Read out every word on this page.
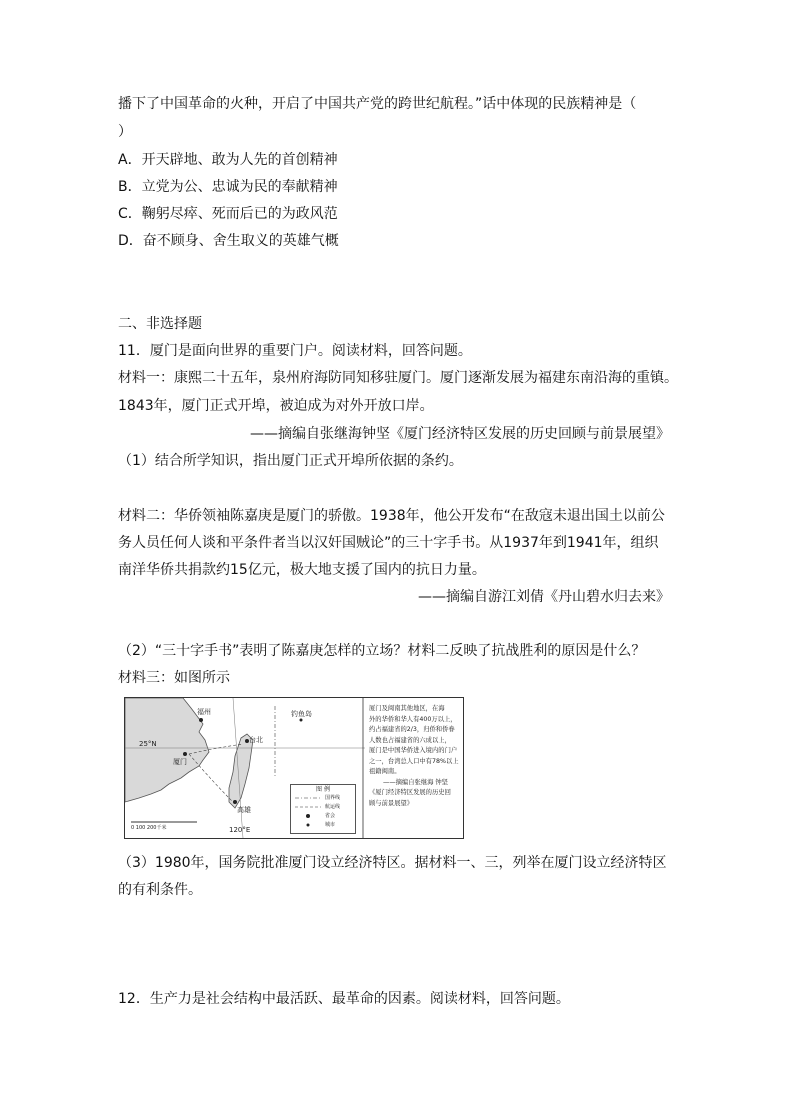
播下了中国革命的火种，开启了中国共产党的跨世纪航程。”话中体现的民族精神是（
）
A．开天辟地、敢为人先的首创精神
B．立党为公、忠诚为民的奉献精神
C．鞠躬尽瘁、死而后已的为政风范
D．奋不顾身、舍生取义的英雄气概
二、非选择题
11．厦门是面向世界的重要门户。阅读材料，回答问题。
材料一：康熙二十五年，泉州府海防同知移驻厦门。厦门逐渐发展为福建东南沿海的重镇。
1843年，厦门正式开埠，被迫成为对外开放口岸。
——摘编自张继海钟坚《厦门经济特区发展的历史回顾与前景展望》
（1）结合所学知识，指出厦门正式开埠所依据的条约。
材料二：华侨领袖陈嘉庚是厦门的骄傲。1938年，他公开发布“在敌寇未退出国土以前公
务人员任何人谈和平条件者当以汉奸国贼论”的三十字手书。从1937年到1941年，组织
南洋华侨共捐款约15亿元，极大地支援了国内的抗日力量。
——摘编自游江刘倩《丹山碧水归去来》
（2）“三十字手书”表明了陈嘉庚怎样的立场？材料二反映了抗战胜利的原因是什么？
材料三：如图所示
福州	钓鱼岛
25°N	台北
厦门
高雄
120°E
0 100 200千米
图 例
国界线
航运线
省会
城市
厦门及闽南其他地区，在海
外的华侨和华人有400万以上，
约占福建省的2/3，归侨和侨眷
人数也占福建省的六成以上，
厦门是中国华侨进入境内的门户
之一，台湾总人口中有78%以上
祖籍闽南。
——摘编自张继海 钟坚
《厦门经济特区发展的历史回
顾与前景展望》
（3）1980年，国务院批准厦门设立经济特区。据材料一、三，列举在厦门设立经济特区
的有利条件。
12．生产力是社会结构中最活跃、最革命的因素。阅读材料，回答问题。
